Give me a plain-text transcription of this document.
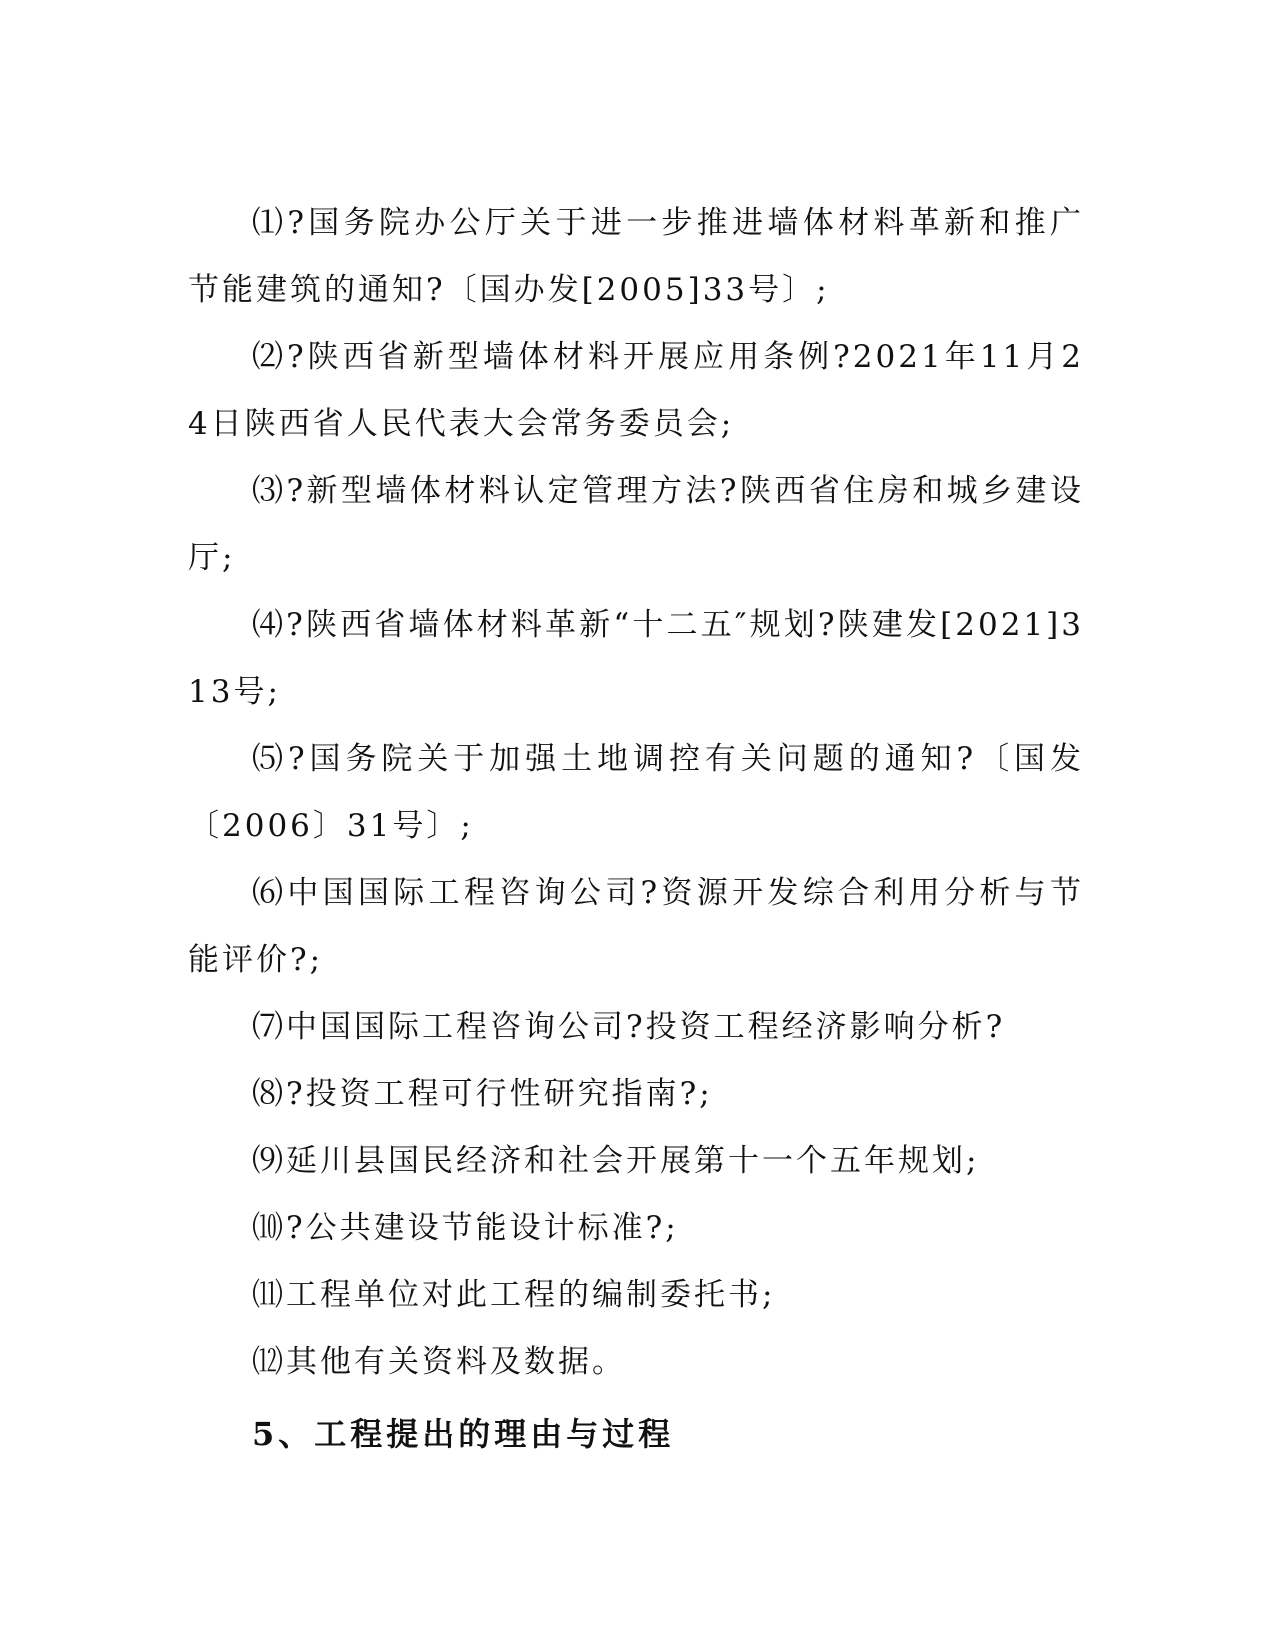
⑴?国务院办公厅关于进一步推进墙体材料革新和推广节能建筑的通知?〔国办发[2005]33号〕;

⑵?陕西省新型墙体材料开展应用条例?2021年11月24日陕西省人民代表大会常务委员会;

⑶?新型墙体材料认定管理方法?陕西省住房和城乡建设厅;

⑷?陕西省墙体材料革新“十二五″规划?陕建发[2021]313号;

⑸?国务院关于加强土地调控有关问题的通知?〔国发〔2006〕31号〕;

⑹中国国际工程咨询公司?资源开发综合利用分析与节能评价?;

⑺中国国际工程咨询公司?投资工程经济影响分析?

⑻?投资工程可行性研究指南?;

⑼延川县国民经济和社会开展第十一个五年规划;

⑽?公共建设节能设计标准?;

⑾工程单位对此工程的编制委托书;

⑿其他有关资料及数据。

5、工程提出的理由与过程
